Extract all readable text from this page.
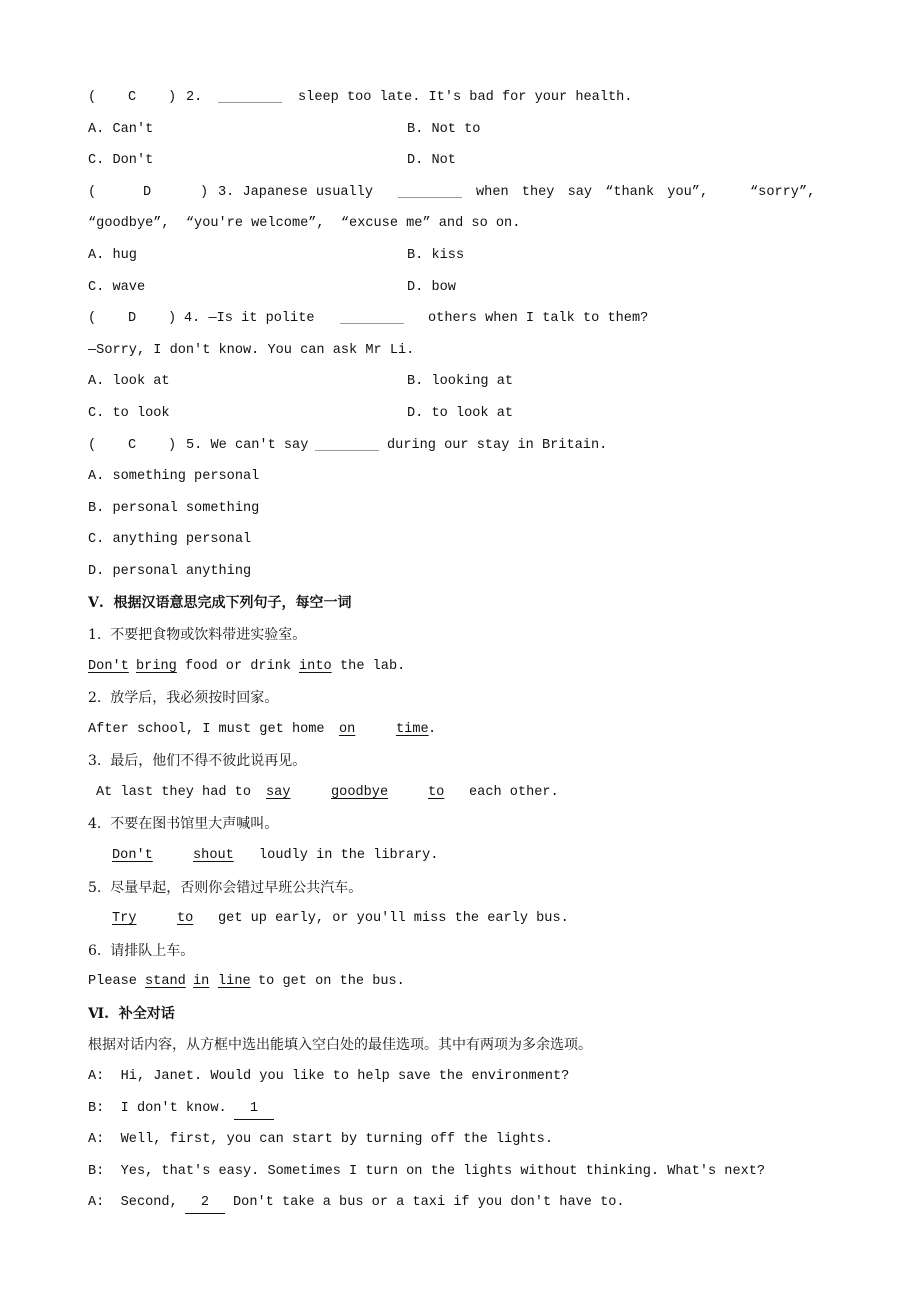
( C ) 2.	sleep too late. It's bad for your health.
A. Can't	B. Not to
C. Don't	D. Not
(	D	) 3. Japanese usually	when they say “thank you”,	“sorry”,
“goodbye”,  “you're welcome”,  “excuse me” and so on.
A. hug	B. kiss
C. wave	D. bow
( D ) 4. —Is it polite	others when I talk to them?
—Sorry, I don't know. You can ask Mr Li.
A. look at	B. looking at
C. to look	D. to look at
( C ) 5. We can't say	during our stay in Britain.
A. something personal
B. personal something
C. anything personal
D. personal anything
Ⅴ.  根据汉语意思完成下列句子，每空一词
1.  不要把食物或饮料带进实验室。
Don't bring food or drink into the lab.
2.  放学后，我必须按时回家。
After school, I must get home on	time .
3.  最后，他们不得不彼此说再见。
At last they had to say	goodbye	to each other.
4.  不要在图书馆里大声喊叫。
Don't	shout loudly in the library.
5.  尽量早起，否则你会错过早班公共汽车。
Try	to get up early, or you'll miss the early bus.
6.  请排队上车。
Please stand in line to get on the bus.
Ⅵ.  补全对话
根据对话内容，从方框中选出能填入空白处的最佳选项。其中有两项为多余选项。
A:  Hi, Janet. Would you like to help save the environment?
B:  I don't know.	1
A:  Well, first, you can start by turning off the lights.
B:  Yes, that's easy. Sometimes I turn on the lights without thinking. What's next?
A:  Second,	2	Don't take a bus or a taxi if you don't have to.
